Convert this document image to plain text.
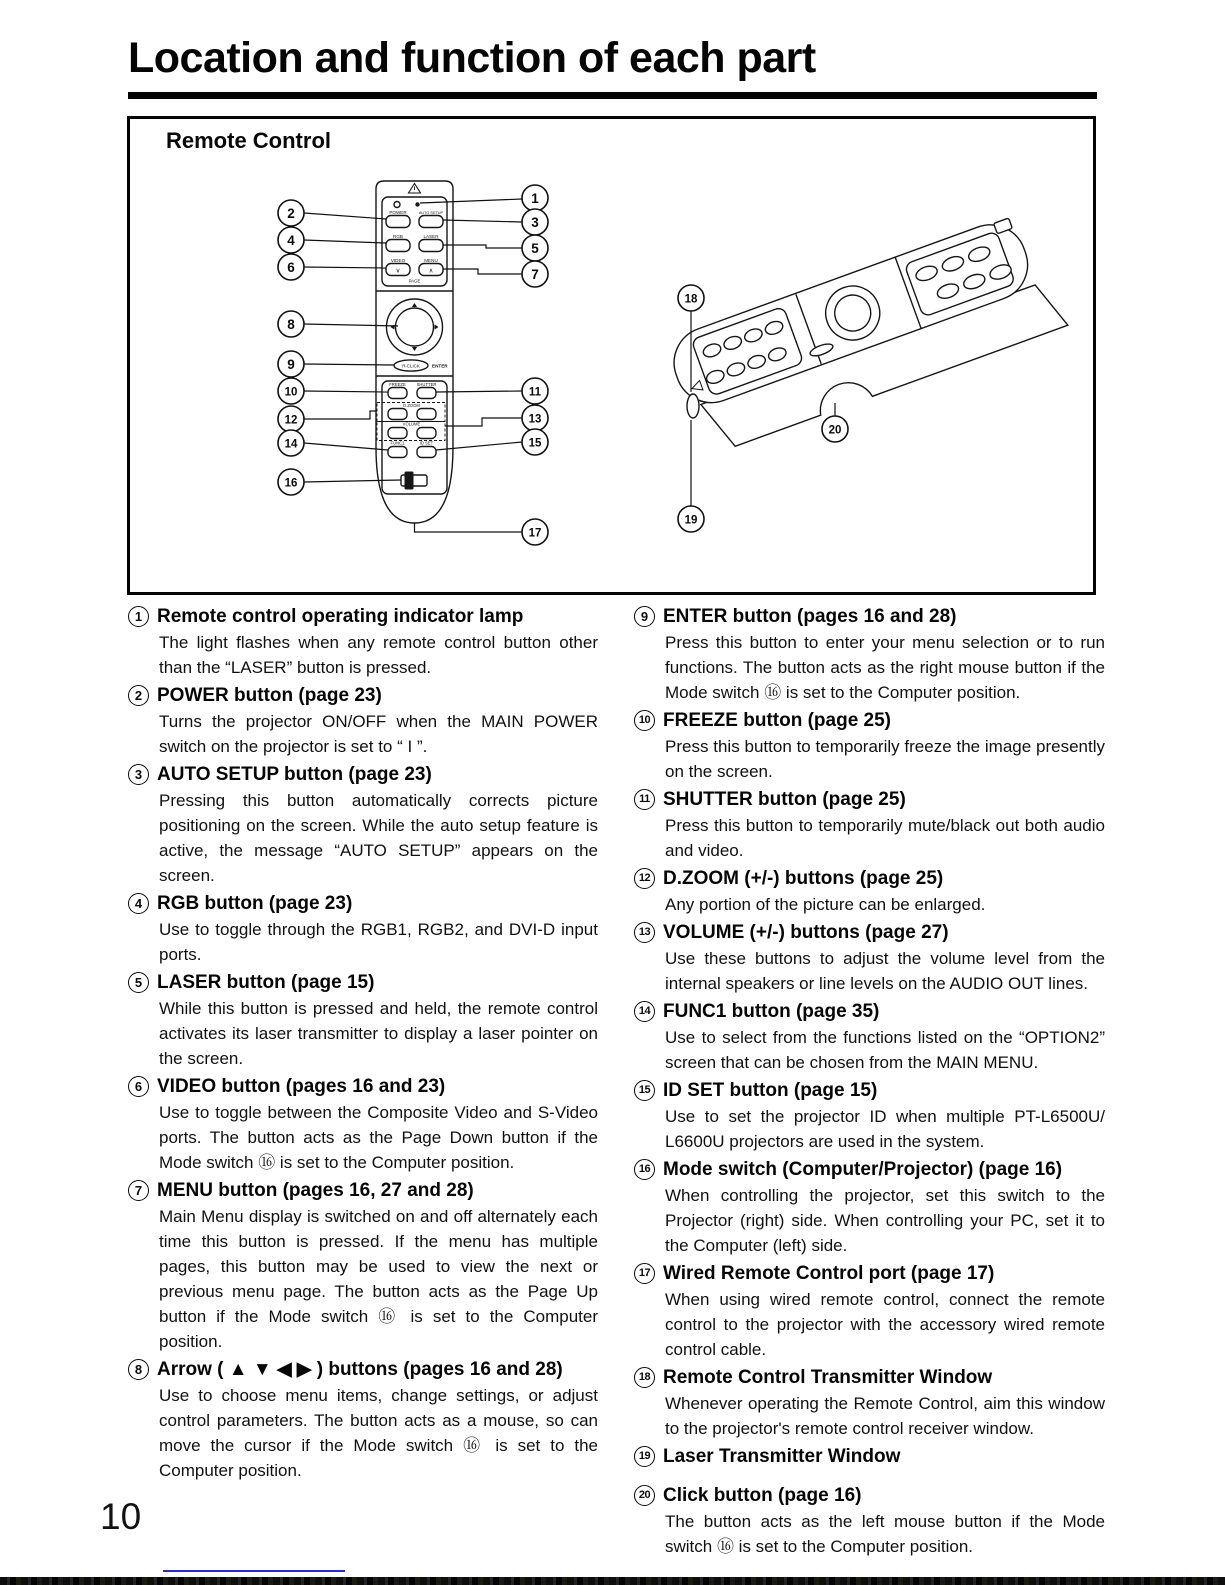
Location and function of each part
Remote Control
POWER	AUTO SETUP
RGB	LASER
VIDEO	MENU
PAGE
∨	∧
R-CLICK	ENTER
FREEZE	SHUTTER
D.ZOOM
VOLUME
FUNC1	ID SET
1
2
3
4
5
6	7
8
9
10	11
12	13
14	15
16
17
18
19
20
1 Remote control operating indicator lamp
The light flashes when any remote control button other than the “LASER” button is pressed.
2 POWER button (page 23)
Turns the projector ON/OFF when the MAIN POWER switch on the projector is set to “ I ”.
3 AUTO SETUP button (page 23)
Pressing this button automatically corrects picture positioning on the screen. While the auto setup feature is active, the message “AUTO SETUP” appears on the screen.
4 RGB button (page 23)
Use to toggle through the RGB1, RGB2, and DVI-D input ports.
5 LASER button (page 15)
While this button is pressed and held, the remote control activates its laser transmitter to display a laser pointer on the screen.
6 VIDEO button (pages 16 and 23)
Use to toggle between the Composite Video and S-Video ports. The button acts as the Page Down button if the Mode switch ⑯ is set to the Computer position.
7 MENU button (pages 16, 27 and 28)
Main Menu display is switched on and off alternately each time this button is pressed. If the menu has multiple pages, this button may be used to view the next or previous menu page. The button acts as the Page Up button if the Mode switch ⑯ is set to the Computer position.
8 Arrow ( ▲ ▼ ◀ ▶ ) buttons (pages 16 and 28)
Use to choose menu items, change settings, or adjust control parameters. The button acts as a mouse, so can move the cursor if the Mode switch ⑯ is set to the Computer position.
9 ENTER button (pages 16 and 28)
Press this button to enter your menu selection or to run functions. The button acts as the right mouse button if the Mode switch ⑯ is set to the Computer position.
10 FREEZE button (page 25)
Press this button to temporarily freeze the image presently on the screen.
11 SHUTTER button (page 25)
Press this button to temporarily mute/black out both audio and video.
12 D.ZOOM (+/-) buttons (page 25)
Any portion of the picture can be enlarged.
13 VOLUME (+/-) buttons (page 27)
Use these buttons to adjust the volume level from the internal speakers or line levels on the AUDIO OUT lines.
14 FUNC1 button (page 35)
Use to select from the functions listed on the “OPTION2” screen that can be chosen from the MAIN MENU.
15 ID SET button (page 15)
Use to set the projector ID when multiple PT-L6500U/ L6600U projectors are used in the system.
16 Mode switch (Computer/Projector) (page 16)
When controlling the projector, set this switch to the Projector (right) side. When controlling your PC, set it to the Computer (left) side.
17 Wired Remote Control port (page 17)
When using wired remote control, connect the remote control to the projector with the accessory wired remote control cable.
18 Remote Control Transmitter Window
Whenever operating the Remote Control, aim this window to the projector's remote control receiver window.
19 Laser Transmitter Window
20 Click button (page 16)
The button acts as the left mouse button if the Mode switch ⑯ is set to the Computer position.
10
